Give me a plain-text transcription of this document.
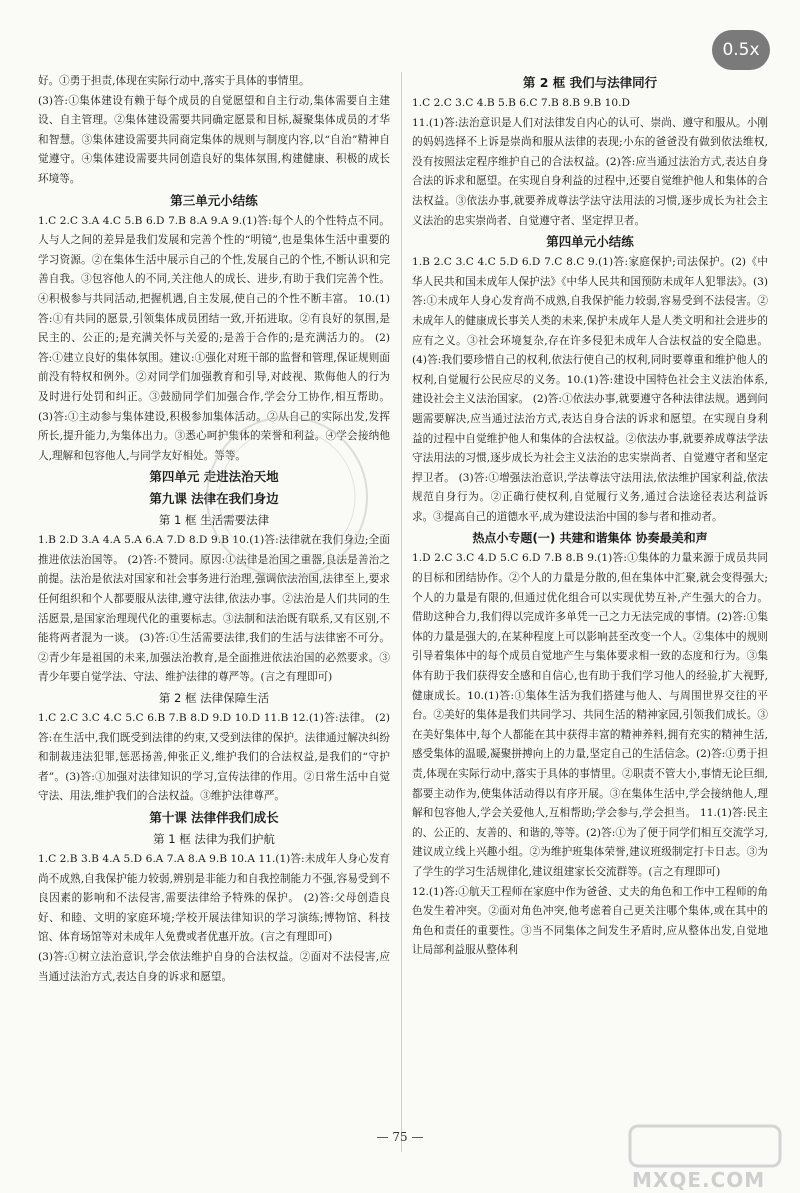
好。①勇于担责,体现在实际行动中,落实于具体的事情里。

(3)答:①集体建设有赖于每个成员的自觉愿望和自主行动,集体需要自主建设、自主管理。②集体建设需要共同确定愿景和目标,凝聚集体成员的才华和智慧。③集体建设需要共同商定集体的规则与制度内容,以“自治”精神自觉遵守。④集体建设需要共同创造良好的集体氛围,构建健康、积极的成长环境等。

第三单元小结练

1.C 2.C 3.A 4.C 5.B 6.D 7.B 8.A 9.A 9.(1)答:每个人的个性特点不同。人与人之间的差异是我们发展和完善个性的“明镜”,也是集体生活中重要的学习资源。②在集体生活中展示自己的个性,发展自己的个性,不断认识和完善自我。③包容他人的不同,关注他人的成长、进步,有助于我们完善个性。④积极参与共同活动,把握机遇,自主发展,使自己的个性不断丰富。 10.(1)答:①有共同的愿景,引领集体成员团结一致,开拓进取。②有良好的氛围,是民主的、公正的;是充满关怀与关爱的;是善于合作的;是充满活力的。 (2)答:①建立良好的集体氛围。建议:①强化对班干部的监督和管理,保证规则面前没有特权和例外。②对同学们加强教育和引导,对歧视、欺侮他人的行为及时进行处罚和纠正。③鼓励同学们加强合作,学会分工协作,相互帮助。 (3)答:①主动参与集体建设,积极参加集体活动。②从自己的实际出发,发挥所长,提升能力,为集体出力。③悉心呵护集体的荣誉和利益。④学会接纳他人,理解和包容他人,与同学友好相处。等等。

第四单元 走进法治天地
第九课 法律在我们身边
第 1 框 生活需要法律

1.B 2.D 3.A 4.A 5.A 6.A 7.D 8.D 9.B 10.(1)答:法律就在我们身边;全面推进依法治国等。 (2)答:不赞同。原因:①法律是治国之重器,良法是善治之前提。法治是依法对国家和社会事务进行治理,强调依法治国,法律至上,要求任何组织和个人都要服从法律,遵守法律,依法办事。②法治是人们共同的生活愿景,是国家治理现代化的重要标志。③法制和法治既有联系,又有区别,不能将两者混为一谈。 (3)答:①生活需要法律,我们的生活与法律密不可分。②青少年是祖国的未来,加强法治教育,是全面推进依法治国的必然要求。③青少年要自觉学法、守法、维护法律的尊严等。(言之有理即可)

第 2 框 法律保障生活

1.C 2.C 3.C 4.C 5.C 6.B 7.B 8.D 9.D 10.D 11.B 12.(1)答:法律。 (2)答:在生活中,我们既受到法律的约束,又受到法律的保护。法律通过解决纠纷和制裁违法犯罪,惩恶扬善,伸张正义,维护我们的合法权益,是我们的“守护者”。(3)答:①加强对法律知识的学习,宣传法律的作用。②日常生活中自觉守法、用法,维护我们的合法权益。③维护法律尊严。

第十课 法律伴我们成长
第 1 框 法律为我们护航

1.C 2.B 3.B 4.A 5.D 6.A 7.A 8.A 9.B 10.A 11.(1)答:未成年人身心发育尚不成熟,自我保护能力较弱,辨别是非能力和自我控制能力不强,容易受到不良因素的影响和不法侵害,需要法律给予特殊的保护。 (2)答:父母创造良好、和睦、文明的家庭环境;学校开展法律知识的学习演练;博物馆、科技馆、体育场馆等对未成年人免费或者优惠开放。(言之有理即可)

(3)答:①树立法治意识,学会依法维护自身的合法权益。②面对不法侵害,应当通过法治方式,表达自身的诉求和愿望。

第 2 框 我们与法律同行

1.C 2.C 3.C 4.B 5.B 6.C 7.B 8.B 9.B 10.D

11.(1)答:法治意识是人们对法律发自内心的认可、崇尚、遵守和服从。小刚的妈妈选择不上诉是崇尚和服从法律的表现;小东的爸爸没有做到依法维权,没有按照法定程序维护自己的合法权益。(2)答:应当通过法治方式,表达自身合法的诉求和愿望。在实现自身利益的过程中,还要自觉维护他人和集体的合法权益。③依法办事,就要养成尊法学法守法用法的习惯,逐步成长为社会主义法治的忠实崇尚者、自觉遵守者、坚定捍卫者。

第四单元小结练

1.B 2.C 3.C 4.C 5.D 6.D 7.C 8.C 9.(1)答:家庭保护;司法保护。(2)《中华人民共和国未成年人保护法》《中华人民共和国预防未成年人犯罪法》。(3)答:①未成年人身心发育尚不成熟,自我保护能力较弱,容易受到不法侵害。②未成年人的健康成长事关人类的未来,保护未成年人是人类文明和社会进步的应有之义。③社会环境复杂,存在许多侵犯未成年人合法权益的安全隐患。 (4)答:我们要珍惜自己的权利,依法行使自己的权利,同时要尊重和维护他人的权利,自觉履行公民应尽的义务。10.(1)答:建设中国特色社会主义法治体系,建设社会主义法治国家。 (2)答:①依法办事,就要遵守各种法律法规。遇到问题需要解决,应当通过法治方式,表达自身合法的诉求和愿望。在实现自身利益的过程中自觉维护他人和集体的合法权益。②依法办事,就要养成尊法学法守法用法的习惯,逐步成长为社会主义法治的忠实崇尚者、自觉遵守者和坚定捍卫者。 (3)答:①增强法治意识,学法尊法守法用法,依法维护国家利益,依法规范自身行为。②正确行使权利,自觉履行义务,通过合法途径表达利益诉求。③提高自己的道德水平,成为建设法治中国的参与者和推动者。

热点小专题(一) 共建和谐集体 协奏最美和声

1.D 2.C 3.C 4.D 5.C 6.D 7.B 8.B 9.(1)答:①集体的力量来源于成员共同的目标和团结协作。②个人的力量是分散的,但在集体中汇聚,就会变得强大;个人的力量是有限的,但通过优化组合可以实现优势互补,产生强大的合力。借助这种合力,我们得以完成许多单凭一己之力无法完成的事情。(2)答:①集体的力量是强大的,在某种程度上可以影响甚至改变一个人。②集体中的规则引导着集体中的每个成员自觉地产生与集体要求相一致的态度和行为。③集体有助于我们获得安全感和自信心,也有助于我们学习他人的经验,扩大视野,健康成长。10.(1)答:①集体生活为我们搭建与他人、与周围世界交往的平台。②美好的集体是我们共同学习、共同生活的精神家园,引领我们成长。③在美好集体中,每个人都能在其中获得丰富的精神养料,拥有充实的精神生活,感受集体的温暖,凝聚拼搏向上的力量,坚定自己的生活信念。(2)答:①勇于担责,体现在实际行动中,落实于具体的事情里。②职责不管大小,事情无论巨细,都要主动作为,使集体活动得以有序开展。③在集体生活中,学会接纳他人,理解和包容他人,学会关爱他人,互相帮助;学会参与,学会担当。 11.(1)答:民主的、公正的、友善的、和谐的,等等。(2)答:①为了便于同学们相互交流学习,建议成立线上兴趣小组。②为维护班集体荣誉,建议班级制定打卡日志。③为了学生的学习生活规律化,建议组建家长交流群等。(言之有理即可)

12.(1)答:①航天工程师在家庭中作为爸爸、丈夫的角色和工作中工程师的角色发生着冲突。②面对角色冲突,他考虑着自己更关注哪个集体,或在其中的角色和责任的重要性。③当不同集体之间发生矛盾时,应从整体出发,自觉地让局部利益服从整体利

0.5x
— 75 —
MXQE.COM
